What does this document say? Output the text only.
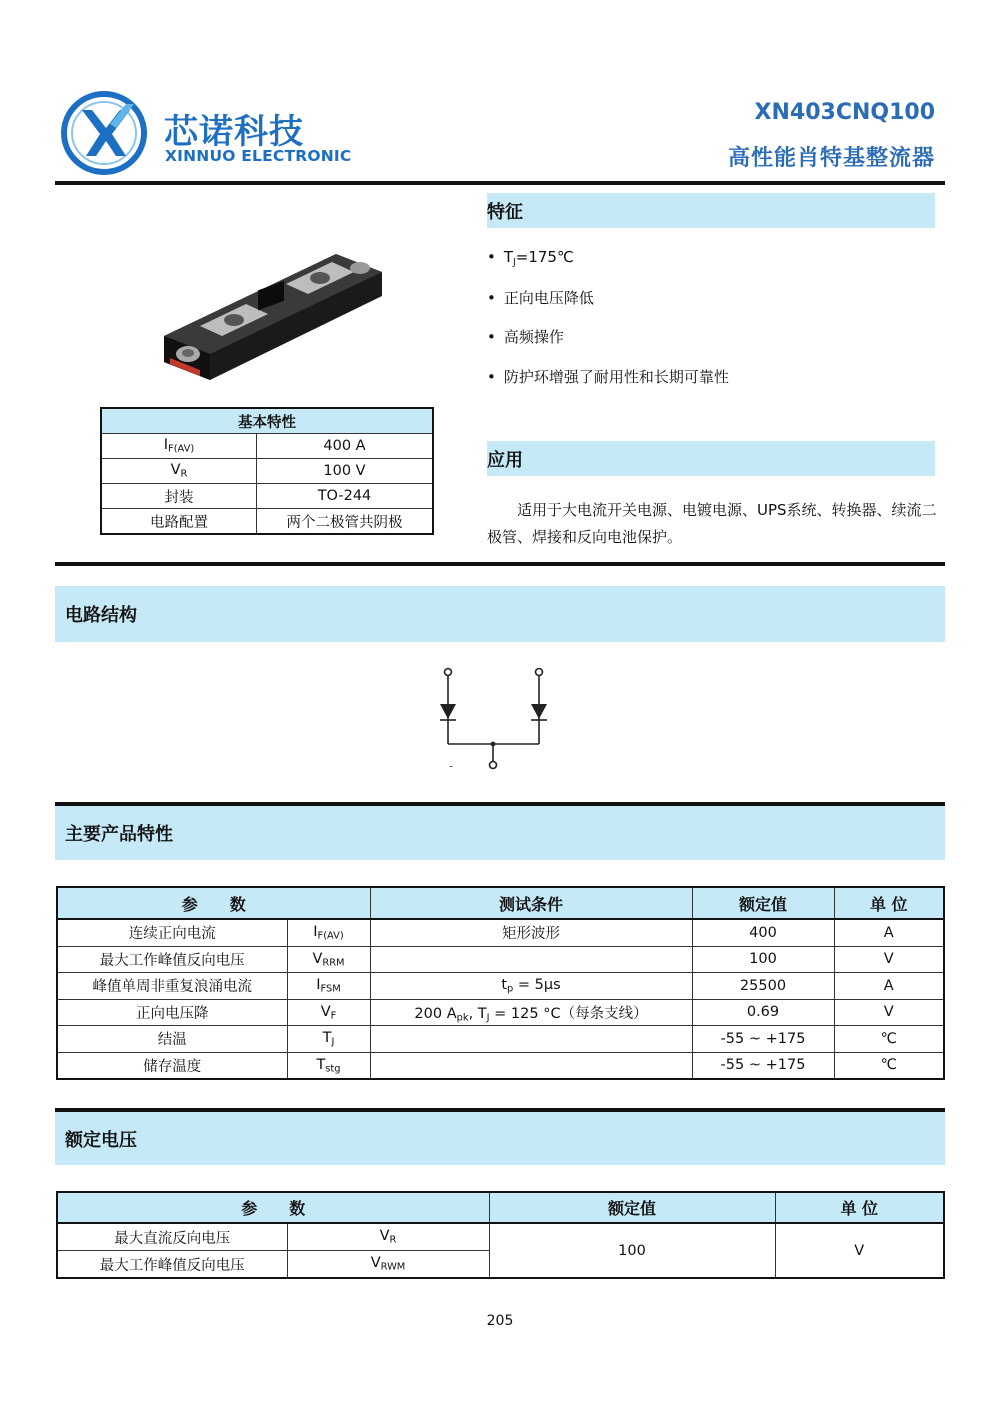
芯诺科技
XINNUO ELECTRONIC
XN403CNQ100
高性能肖特基整流器
基本特性	
$I_{F(AV)}$	400 A
$V_R$	100 V
封装	TO-244
电路配置	两个二极管共阴极
特征
• TJ=175℃
• 正向电压降低
• 高频操作
• 防护环增强了耐用性和长期可靠性
应用
适用于大电流开关电源、电镀电源、UPS系统、转换器、续流二
极管、焊接和反向电池保护。
电路结构
-
主要产品特性
参　　数		测试条件	额定值	单 位
连续正向电流	$I_{F(AV)}$	矩形波形	400	A
最大工作峰值反向电压	$V_{RRM}$		100	V
峰值单周非重复浪涌电流	$I_{FSM}$	$t_p = 5\mu s$	25500	A
正向电压降	$V_F$	200 $A_{pk}$, $T_J = 125$ °C（每条支线）	0.69	V
结温	$T_J$		-55 ~ +175	℃
储存温度	$T_{stg}$		-55 ~ +175	℃
额定电压
参　　数		额定值	单 位
最大直流反向电压	$V_R$	100	V
最大工作峰值反向电压	$V_{RWM}$
205
